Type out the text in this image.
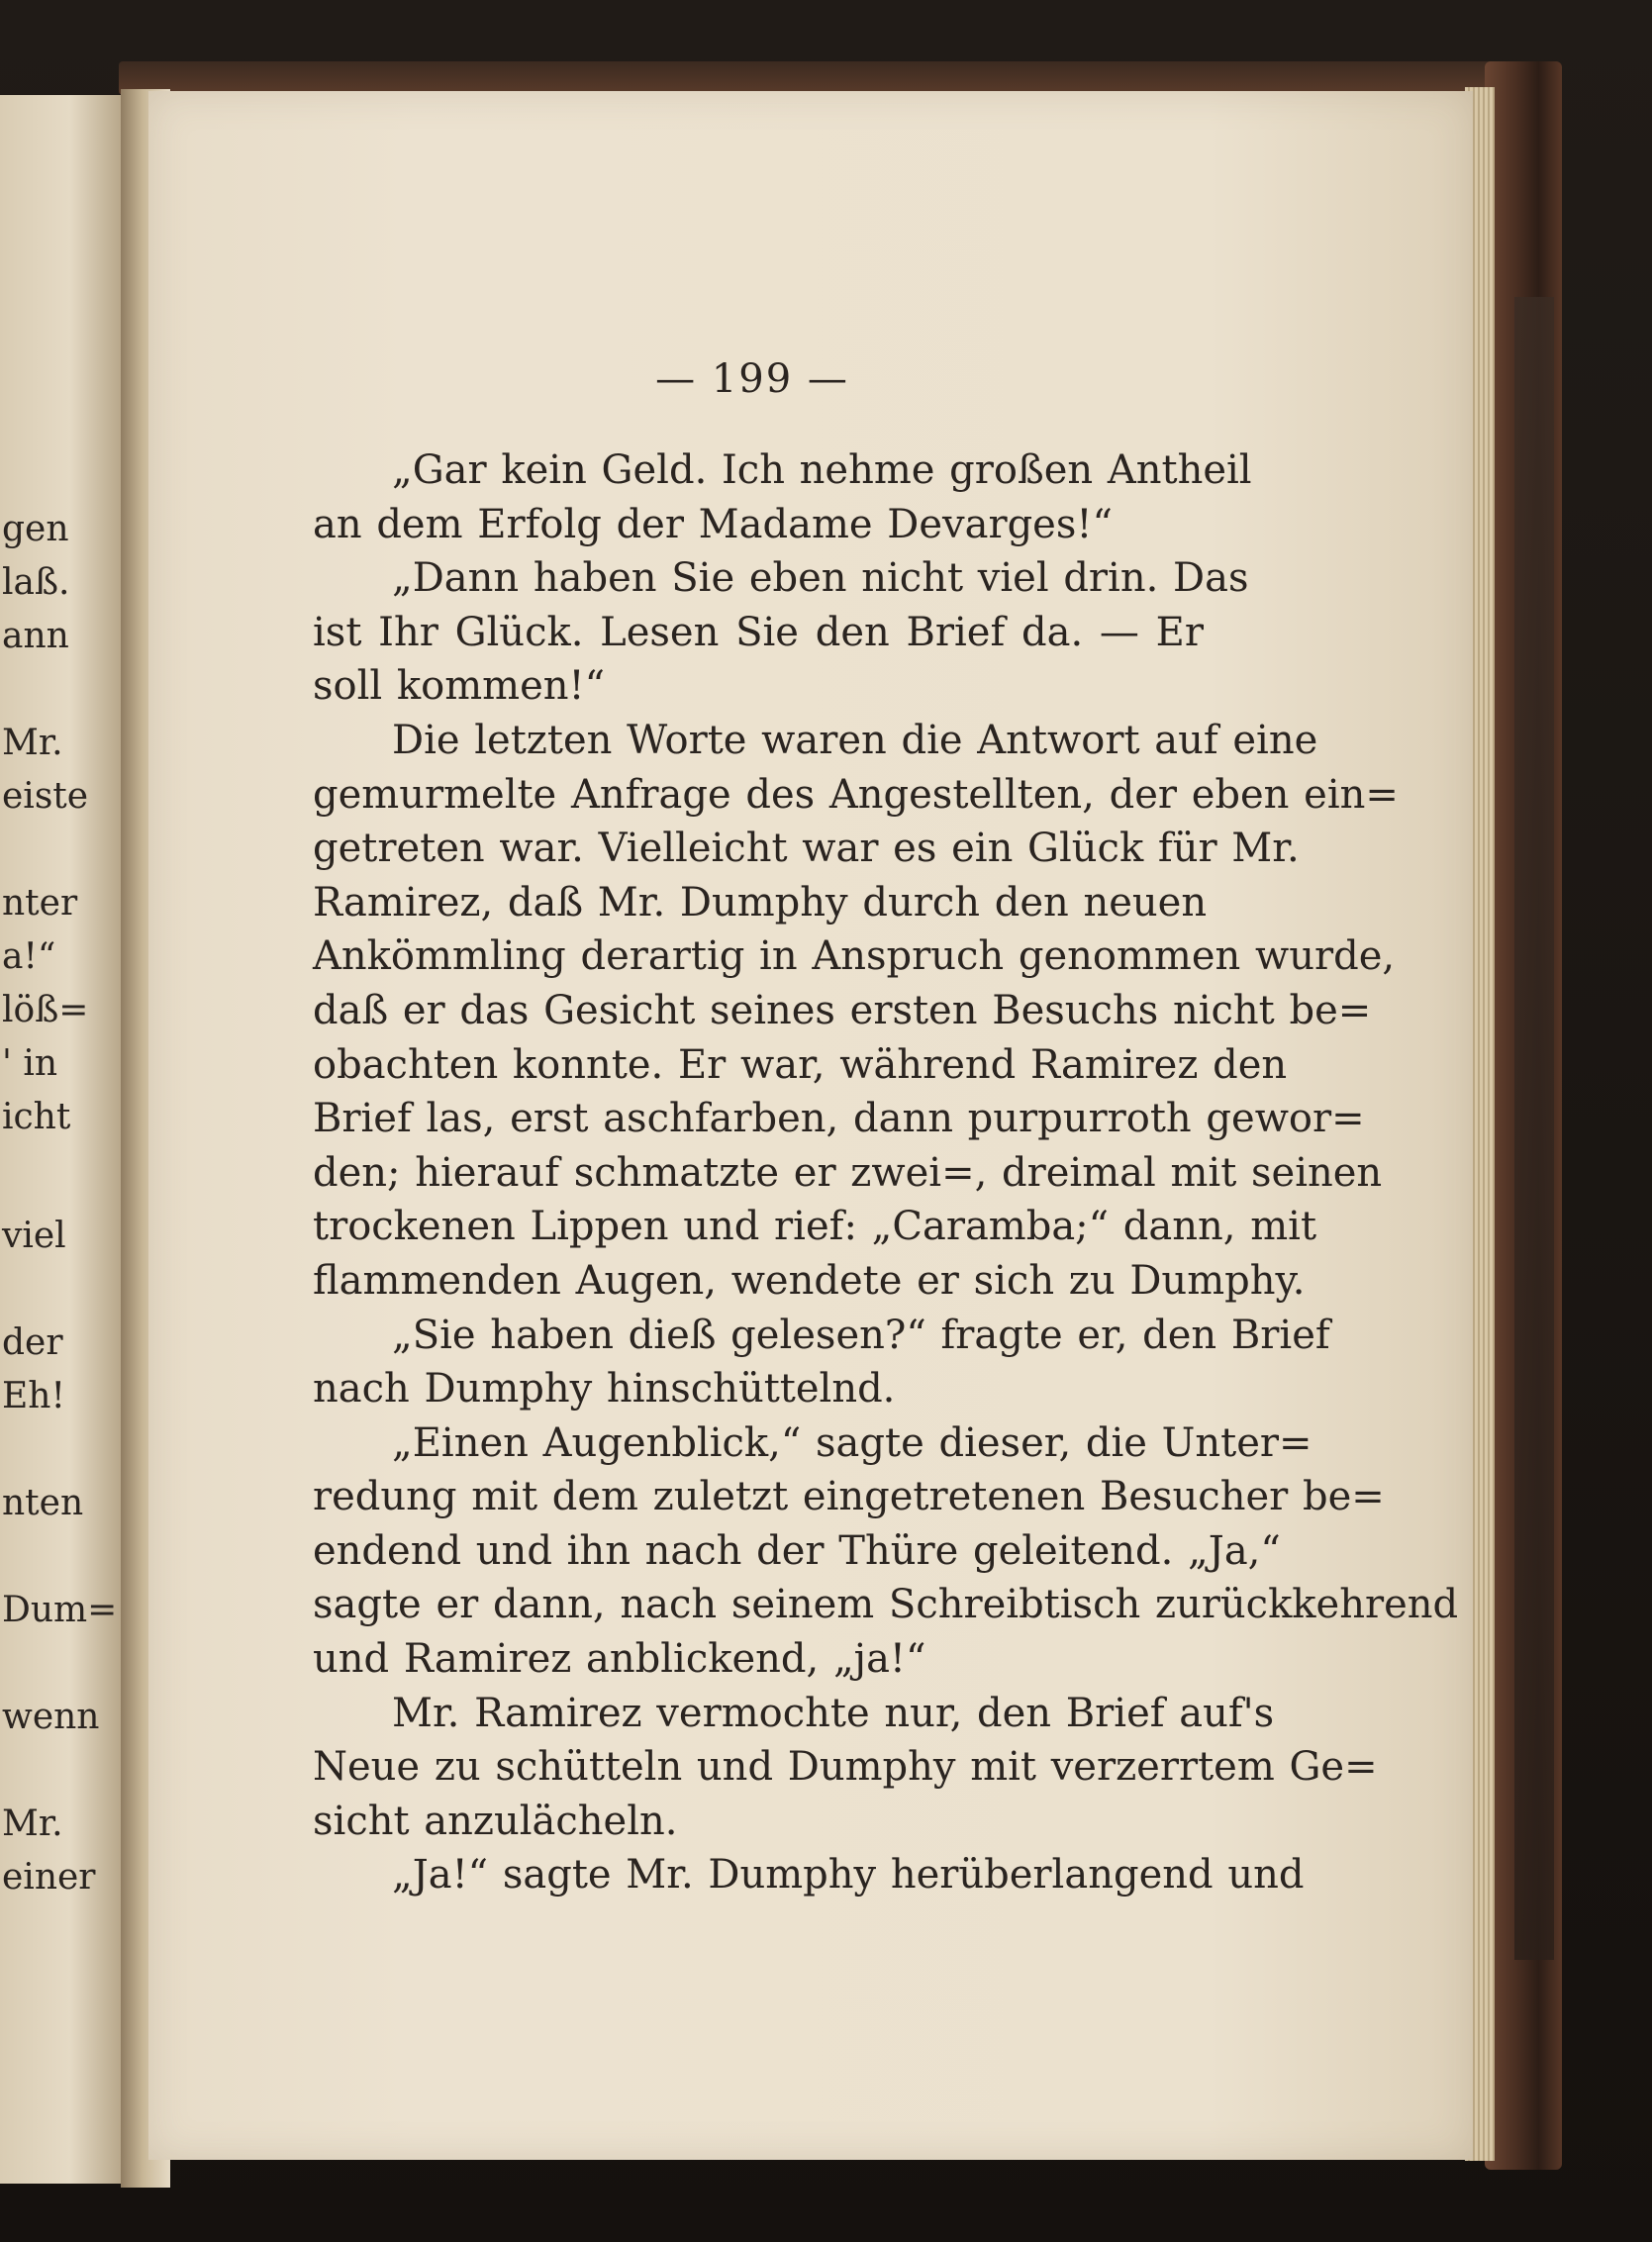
gen
laß.
ann
Mr.
eiste
nter
a!“
löß=
' in
icht
viel
der
Eh!
nten
Dum=
wenn
Mr.
einer
— 199 —
„Gar kein Geld. Ich nehme großen Antheil
an dem Erfolg der Madame Devarges!“
„Dann haben Sie eben nicht viel drin. Das
ist Ihr Glück. Lesen Sie den Brief da. — Er
soll kommen!“
Die letzten Worte waren die Antwort auf eine
gemurmelte Anfrage des Angestellten, der eben ein=
getreten war. Vielleicht war es ein Glück für Mr.
Ramirez, daß Mr. Dumphy durch den neuen
Ankömmling derartig in Anspruch genommen wurde,
daß er das Gesicht seines ersten Besuchs nicht be=
obachten konnte. Er war, während Ramirez den
Brief las, erst aschfarben, dann purpurroth gewor=
den; hierauf schmatzte er zwei=, dreimal mit seinen
trockenen Lippen und rief: „Caramba;“ dann, mit
flammenden Augen, wendete er sich zu Dumphy.
„Sie haben dieß gelesen?“ fragte er, den Brief
nach Dumphy hinschüttelnd.
„Einen Augenblick,“ sagte dieser, die Unter=
redung mit dem zuletzt eingetretenen Besucher be=
endend und ihn nach der Thüre geleitend. „Ja,“
sagte er dann, nach seinem Schreibtisch zurückkehrend
und Ramirez anblickend, „ja!“
Mr. Ramirez vermochte nur, den Brief auf's
Neue zu schütteln und Dumphy mit verzerrtem Ge=
sicht anzulächeln.
„Ja!“ sagte Mr. Dumphy herüberlangend und
